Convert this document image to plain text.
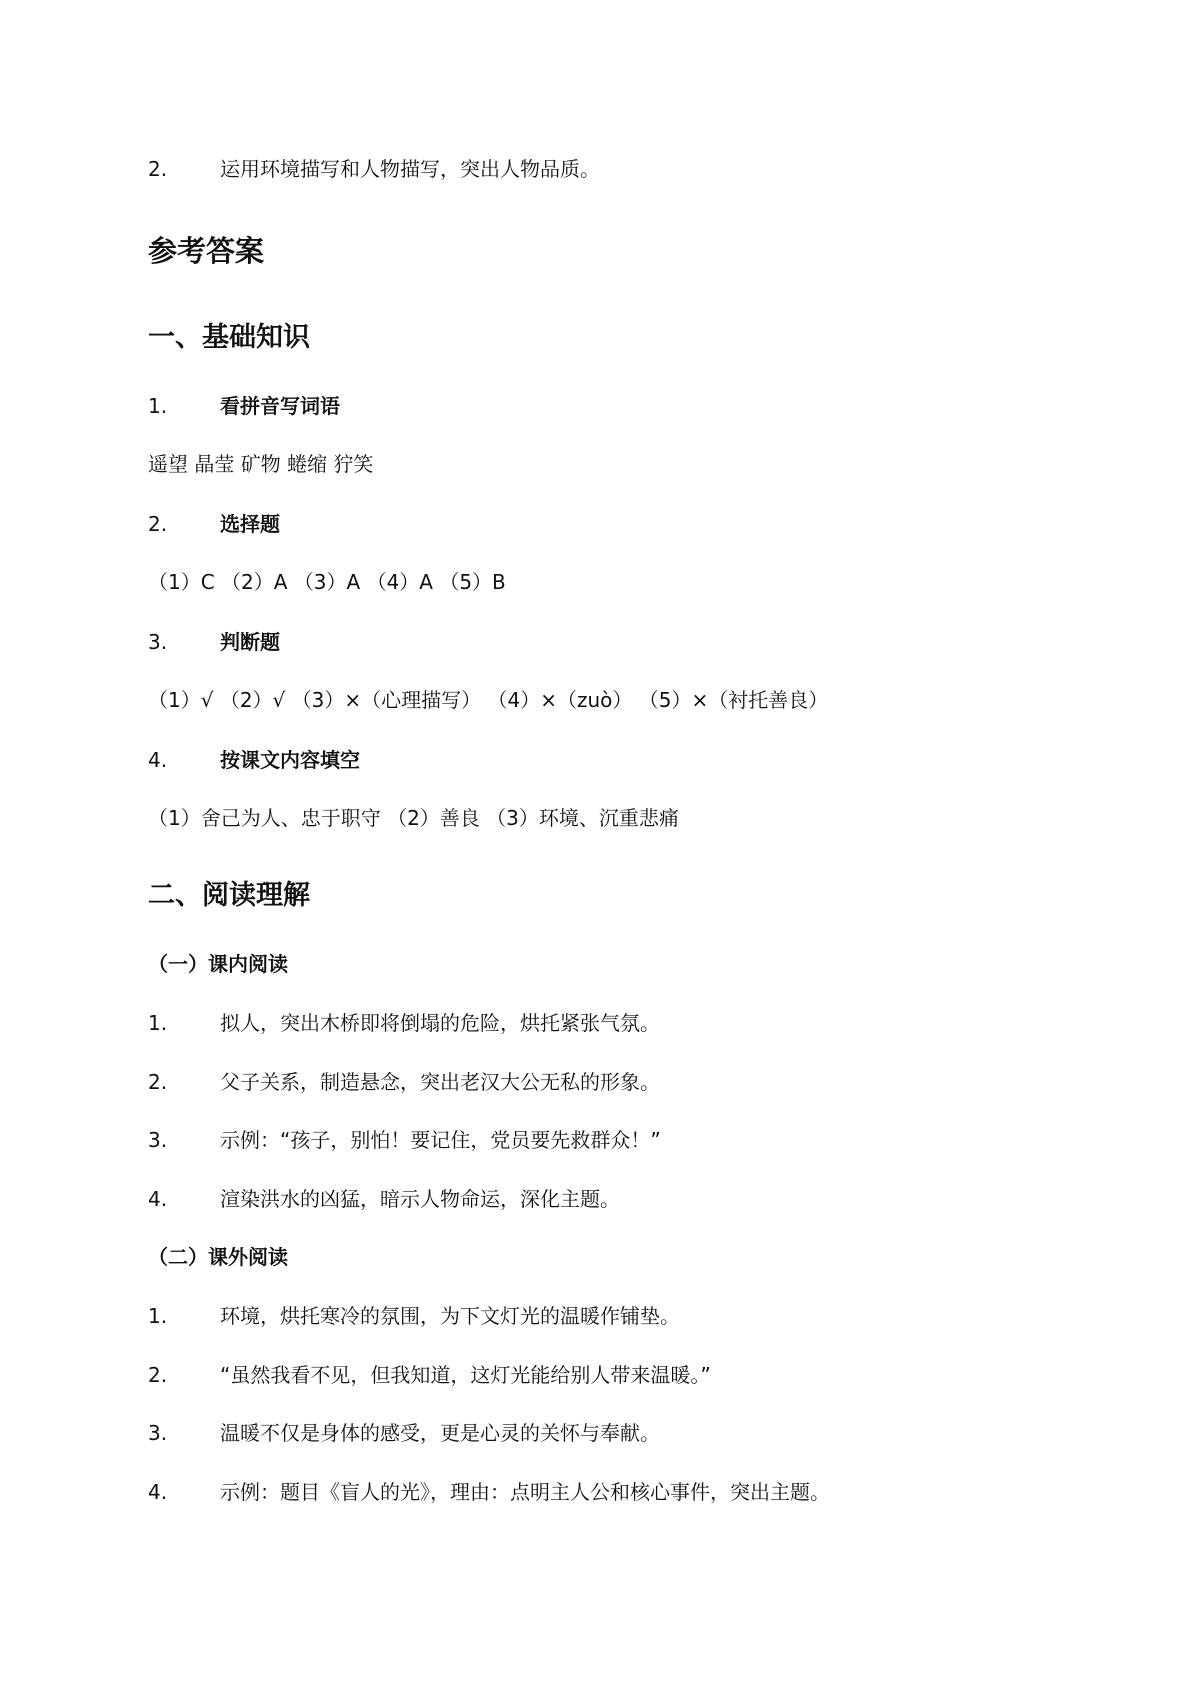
2.	运用环境描写和人物描写，突出人物品质。
参考答案
一、基础知识
1.	看拼音写词语
遥望 晶莹 矿物 蜷缩 狞笑
2.	选择题
（1）C （2）A （3）A （4）A （5）B
3.	判断题
（1）√ （2）√ （3）×（心理描写） （4）×（zuò） （5）×（衬托善良）
4.	按课文内容填空
（1）舍己为人、忠于职守 （2）善良 （3）环境、沉重悲痛
二、阅读理解
（一）课内阅读
1.	拟人，突出木桥即将倒塌的危险，烘托紧张气氛。
2.	父子关系，制造悬念，突出老汉大公无私的形象。
3.	示例：“孩子，别怕！要记住，党员要先救群众！”
4.	渲染洪水的凶猛，暗示人物命运，深化主题。
（二）课外阅读
1.	环境，烘托寒冷的氛围，为下文灯光的温暖作铺垫。
2.	“虽然我看不见，但我知道，这灯光能给别人带来温暖。”
3.	温暖不仅是身体的感受，更是心灵的关怀与奉献。
4.	示例：题目《盲人的光》，理由：点明主人公和核心事件，突出主题。
